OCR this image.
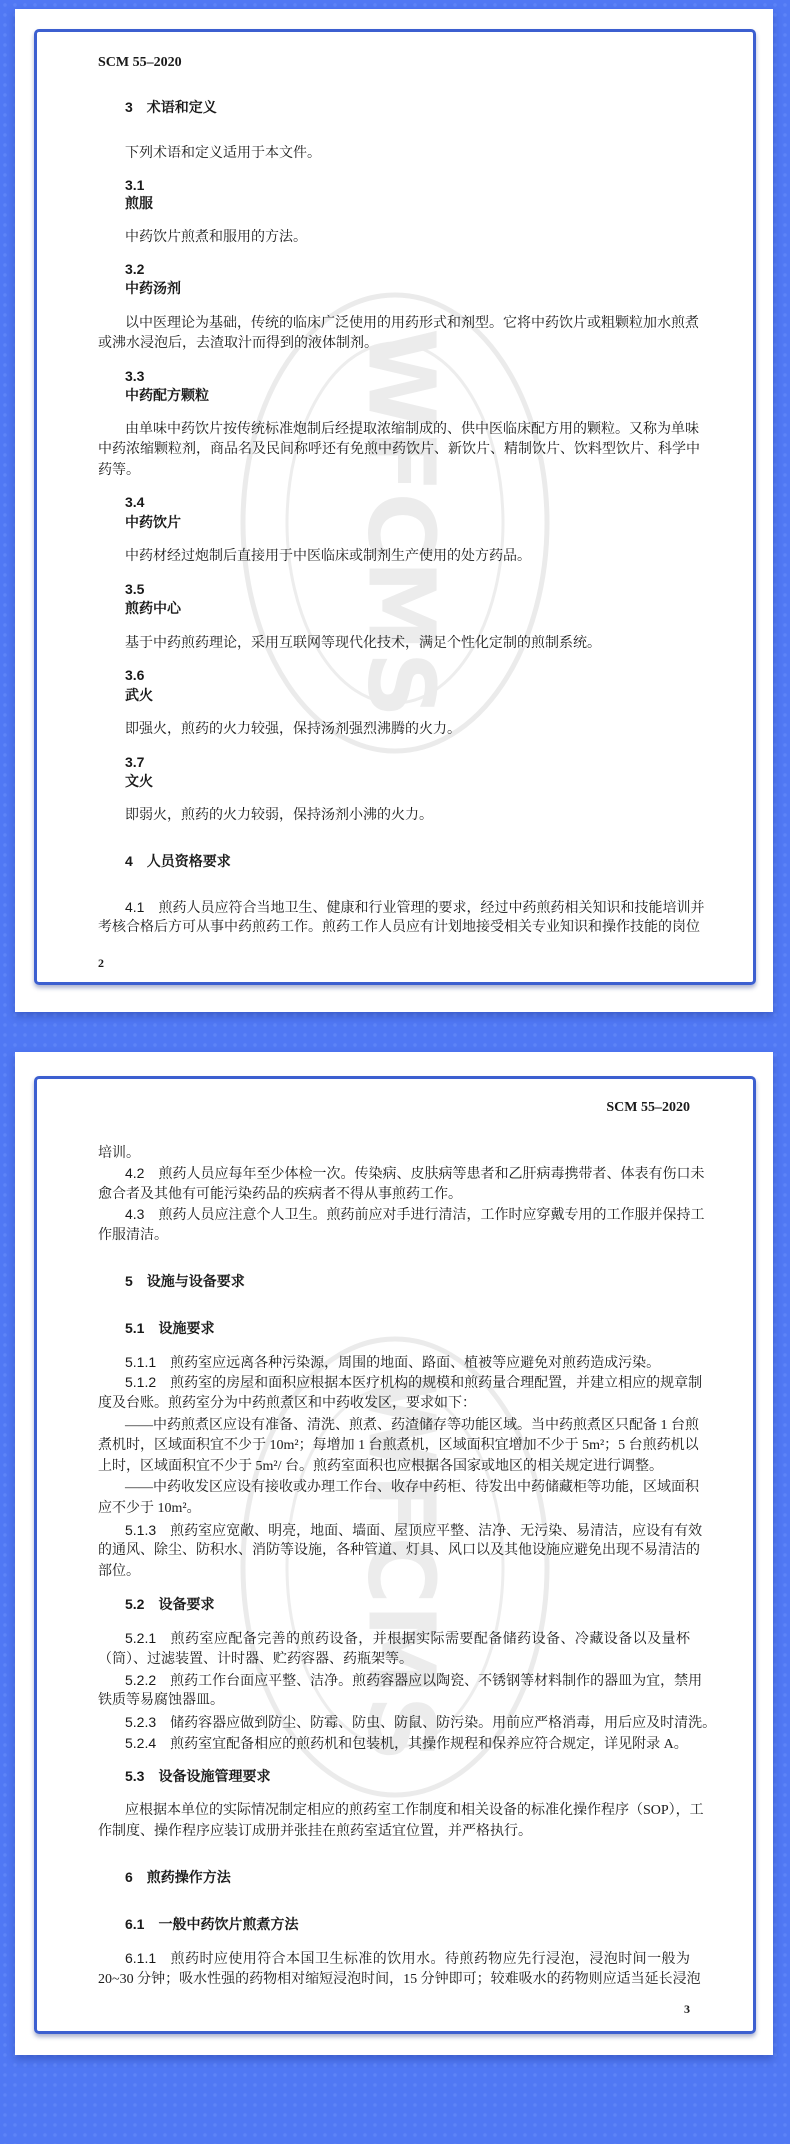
WFCMS
SCM 55–2020
3 术语和定义
下列术语和定义适用于本文件。
3.1
煎服
中药饮片煎煮和服用的方法。
3.2
中药汤剂
以中医理论为基础，传统的临床广泛使用的用药形式和剂型。它将中药饮片或粗颗粒加水煎煮
或沸水浸泡后，去渣取汁而得到的液体制剂。
3.3
中药配方颗粒
由单味中药饮片按传统标准炮制后经提取浓缩制成的、供中医临床配方用的颗粒。又称为单味
中药浓缩颗粒剂，商品名及民间称呼还有免煎中药饮片、新饮片、精制饮片、饮料型饮片、科学中
药等。
3.4
中药饮片
中药材经过炮制后直接用于中医临床或制剂生产使用的处方药品。
3.5
煎药中心
基于中药煎药理论，采用互联网等现代化技术，满足个性化定制的煎制系统。
3.6
武火
即强火，煎药的火力较强，保持汤剂强烈沸腾的火力。
3.7
文火
即弱火，煎药的火力较弱，保持汤剂小沸的火力。
4 人员资格要求
4.1 煎药人员应符合当地卫生、健康和行业管理的要求，经过中药煎药相关知识和技能培训并
考核合格后方可从事中药煎药工作。煎药工作人员应有计划地接受相关专业知识和操作技能的岗位
2
WFCMS
SCM 55–2020
培训。
4.2 煎药人员应每年至少体检一次。传染病、皮肤病等患者和乙肝病毒携带者、体表有伤口未
愈合者及其他有可能污染药品的疾病者不得从事煎药工作。
4.3 煎药人员应注意个人卫生。煎药前应对手进行清洁，工作时应穿戴专用的工作服并保持工
作服清洁。
5 设施与设备要求
5.1 设施要求
5.1.1 煎药室应远离各种污染源，周围的地面、路面、植被等应避免对煎药造成污染。
5.1.2 煎药室的房屋和面积应根据本医疗机构的规模和煎药量合理配置，并建立相应的规章制
度及台账。煎药室分为中药煎煮区和中药收发区，要求如下：
——中药煎煮区应设有准备、清洗、煎煮、药渣储存等功能区域。当中药煎煮区只配备 1 台煎
煮机时，区域面积宜不少于 10m²；每增加 1 台煎煮机，区域面积宜增加不少于 5m²；5 台煎药机以
上时，区域面积宜不少于 5m²/ 台。煎药室面积也应根据各国家或地区的相关规定进行调整。
——中药收发区应设有接收或办理工作台、收存中药柜、待发出中药储藏柜等功能，区域面积
应不少于 10m²。
5.1.3 煎药室应宽敞、明亮，地面、墙面、屋顶应平整、洁净、无污染、易清洁，应设有有效
的通风、除尘、防积水、消防等设施，各种管道、灯具、风口以及其他设施应避免出现不易清洁的
部位。
5.2 设备要求
5.2.1 煎药室应配备完善的煎药设备，并根据实际需要配备储药设备、冷藏设备以及量杯
（筒）、过滤装置、计时器、贮药容器、药瓶架等。
5.2.2 煎药工作台面应平整、洁净。煎药容器应以陶瓷、不锈钢等材料制作的器皿为宜，禁用
铁质等易腐蚀器皿。
5.2.3 储药容器应做到防尘、防霉、防虫、防鼠、防污染。用前应严格消毒，用后应及时清洗。
5.2.4 煎药室宜配备相应的煎药机和包装机，其操作规程和保养应符合规定，详见附录 A。
5.3 设备设施管理要求
应根据本单位的实际情况制定相应的煎药室工作制度和相关设备的标准化操作程序（SOP），工
作制度、操作程序应装订成册并张挂在煎药室适宜位置，并严格执行。
6 煎药操作方法
6.1 一般中药饮片煎煮方法
6.1.1 煎药时应使用符合本国卫生标准的饮用水。待煎药物应先行浸泡，浸泡时间一般为
20~30 分钟；吸水性强的药物相对缩短浸泡时间，15 分钟即可；较难吸水的药物则应适当延长浸泡
3
